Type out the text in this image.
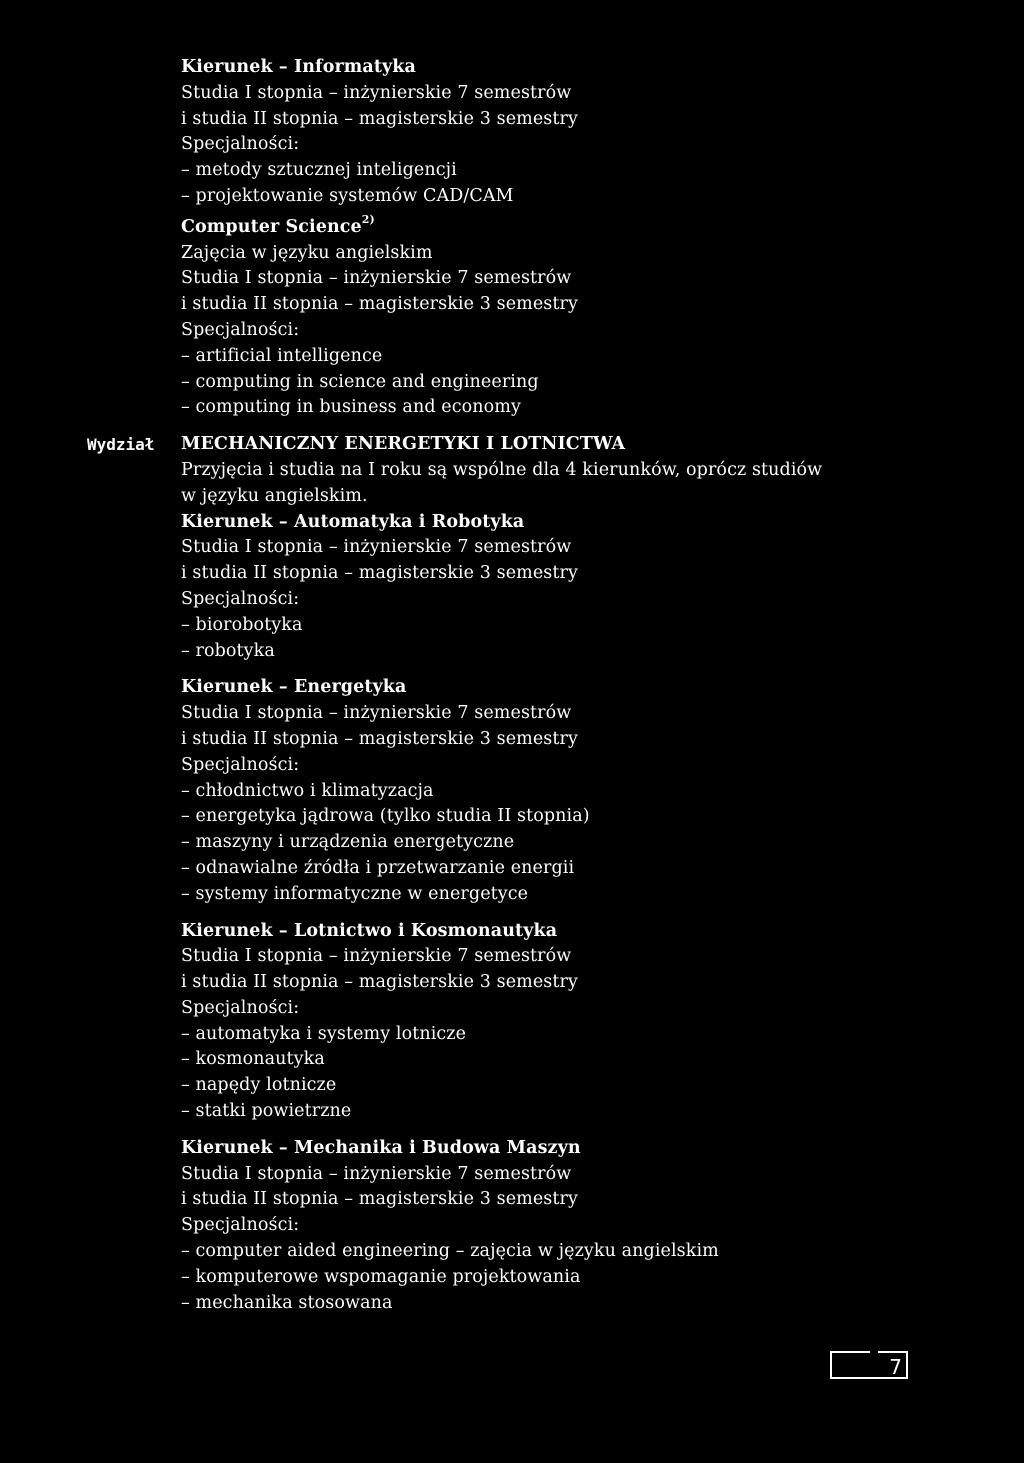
Kierunek – Informatyka
Studia I stopnia – inżynierskie 7 semestrów
i studia II stopnia – magisterskie 3 semestry
Specjalności:
– metody sztucznej inteligencji
– projektowanie systemów CAD/CAM
Computer Science$^{2)}$
Zajęcia w języku angielskim
Studia I stopnia – inżynierskie 7 semestrów
i studia II stopnia – magisterskie 3 semestry
Specjalności:
– artificial intelligence
– computing in science and engineering
– computing in business and economy
Wydział MECHANICZNY ENERGETYKI I LOTNICTWA
Przyjęcia i studia na I roku są wspólne dla 4 kierunków, oprócz studiów
w języku angielskim.
Kierunek – Automatyka i Robotyka
Studia I stopnia – inżynierskie 7 semestrów
i studia II stopnia – magisterskie 3 semestry
Specjalności:
– biorobotyka
– robotyka
Kierunek – Energetyka
Studia I stopnia – inżynierskie 7 semestrów
i studia II stopnia – magisterskie 3 semestry
Specjalności:
– chłodnictwo i klimatyzacja
– energetyka jądrowa (tylko studia II stopnia)
– maszyny i urządzenia energetyczne
– odnawialne źródła i przetwarzanie energii
– systemy informatyczne w energetyce
Kierunek – Lotnictwo i Kosmonautyka
Studia I stopnia – inżynierskie 7 semestrów
i studia II stopnia – magisterskie 3 semestry
Specjalności:
– automatyka i systemy lotnicze
– kosmonautyka
– napędy lotnicze
– statki powietrzne
Kierunek – Mechanika i Budowa Maszyn
Studia I stopnia – inżynierskie 7 semestrów
i studia II stopnia – magisterskie 3 semestry
Specjalności:
– computer aided engineering – zajęcia w języku angielskim
– komputerowe wspomaganie projektowania
– mechanika stosowana
7
